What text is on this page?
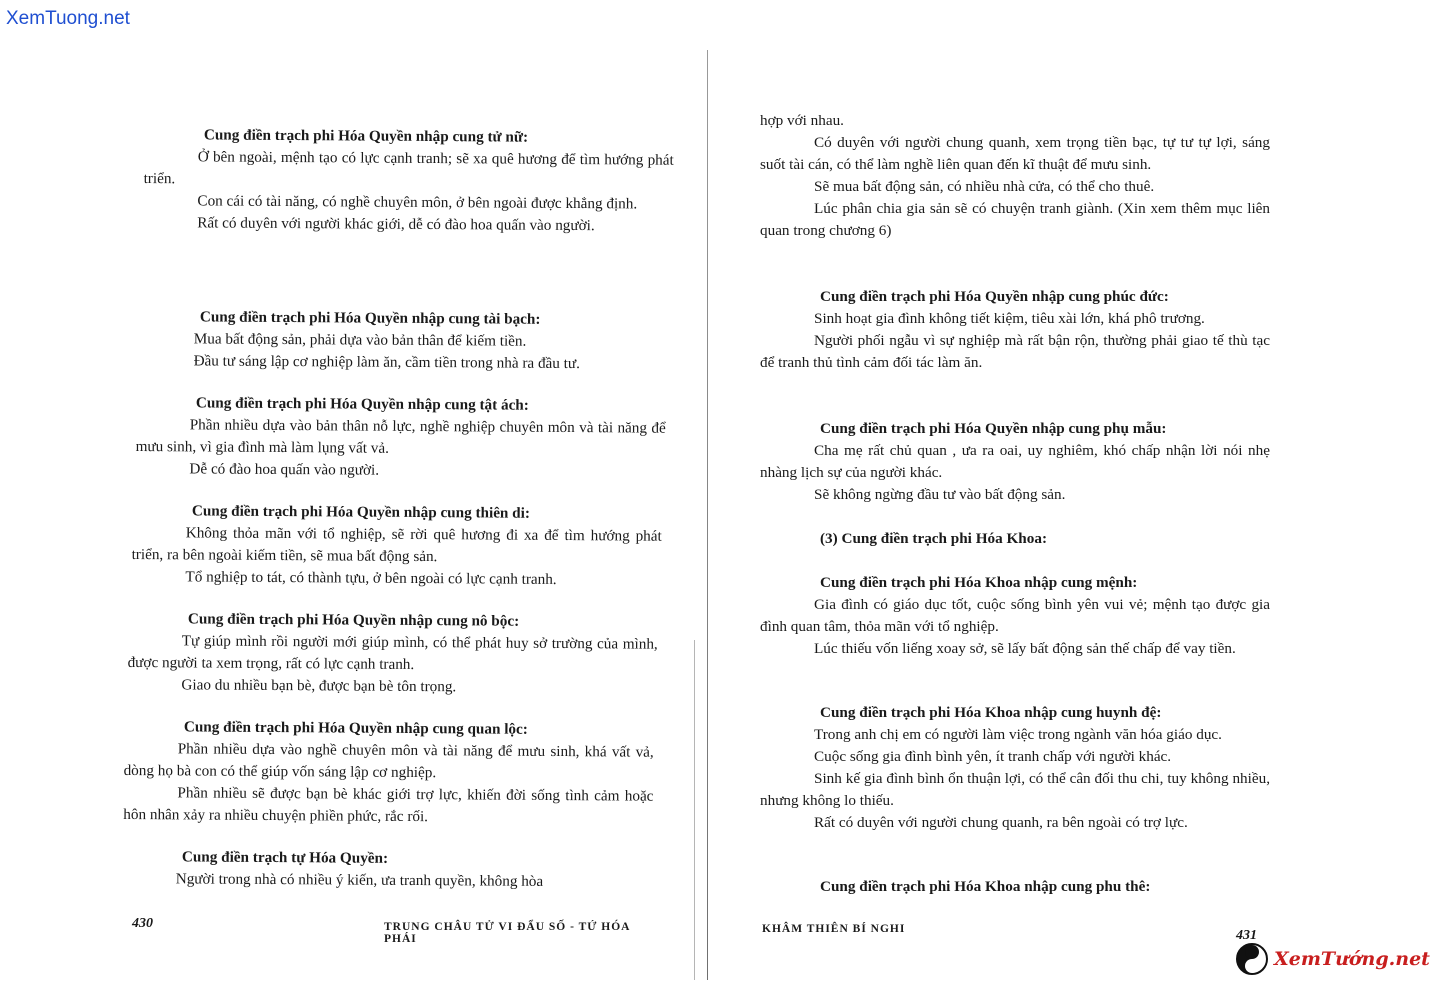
XemTuong.net
Cung điền trạch phi Hóa Quyền nhập cung tử nữ:

Ở bên ngoài, mệnh tạo có lực cạnh tranh; sẽ xa quê hương để tìm hướng phát triển.

Con cái có tài năng, có nghề chuyên môn, ở bên ngoài được khẳng định.

Rất có duyên với người khác giới, dễ có đào hoa quấn vào người.

Cung điền trạch phi Hóa Quyền nhập cung tài bạch:

Mua bất động sản, phải dựa vào bản thân để kiếm tiền.

Đầu tư sáng lập cơ nghiệp làm ăn, cầm tiền trong nhà ra đầu tư.

Cung điền trạch phi Hóa Quyền nhập cung tật ách:

Phần nhiều dựa vào bản thân nỗ lực, nghề nghiệp chuyên môn và tài năng để mưu sinh, vì gia đình mà làm lụng vất vả.

Dễ có đào hoa quấn vào người.

Cung điền trạch phi Hóa Quyền nhập cung thiên di:

Không thỏa mãn với tổ nghiệp, sẽ rời quê hương đi xa để tìm hướng phát triển, ra bên ngoài kiếm tiền, sẽ mua bất động sản.

Tổ nghiệp to tát, có thành tựu, ở bên ngoài có lực cạnh tranh.

Cung điền trạch phi Hóa Quyền nhập cung nô bộc:

Tự giúp mình rồi người mới giúp mình, có thể phát huy sở trường của mình, được người ta xem trọng, rất có lực cạnh tranh.

Giao du nhiều bạn bè, được bạn bè tôn trọng.

Cung điền trạch phi Hóa Quyền nhập cung quan lộc:

Phần nhiều dựa vào nghề chuyên môn và tài năng để mưu sinh, khá vất vả, dòng họ bà con có thể giúp vốn sáng lập cơ nghiệp.

Phần nhiều sẽ được bạn bè khác giới trợ lực, khiến đời sống tình cảm hoặc hôn nhân xảy ra nhiều chuyện phiền phức, rắc rối.

Cung điền trạch tự Hóa Quyền:

Người trong nhà có nhiều ý kiến, ưa tranh quyền, không hòa

430	TRUNG CHÂU TỬ VI ĐẨU SỐ - TỨ HÓA PHÁI

hợp với nhau.

Có duyên với người chung quanh, xem trọng tiền bạc, tự tư tự lợi, sáng suốt tài cán, có thể làm nghề liên quan đến kĩ thuật để mưu sinh.

Sẽ mua bất động sản, có nhiều nhà cửa, có thể cho thuê.

Lúc phân chia gia sản sẽ có chuyện tranh giành. (Xin xem thêm mục liên quan trong chương 6)

Cung điền trạch phi Hóa Quyền nhập cung phúc đức:

Sinh hoạt gia đình không tiết kiệm, tiêu xài lớn, khá phô trương.

Người phối ngẫu vì sự nghiệp mà rất bận rộn, thường phải giao tế thù tạc để tranh thủ tình cảm đối tác làm ăn.

Cung điền trạch phi Hóa Quyền nhập cung phụ mẫu:

Cha mẹ rất chủ quan , ưa ra oai, uy nghiêm, khó chấp nhận lời nói nhẹ nhàng lịch sự của người khác.

Sẽ không ngừng đầu tư vào bất động sản.

(3) Cung điền trạch phi Hóa Khoa:
Cung điền trạch phi Hóa Khoa nhập cung mệnh:

Gia đình có giáo dục tốt, cuộc sống bình yên vui vẻ; mệnh tạo được gia đình quan tâm, thỏa mãn với tổ nghiệp.

Lúc thiếu vốn liếng xoay sở, sẽ lấy bất động sản thế chấp để vay tiền.

Cung điền trạch phi Hóa Khoa nhập cung huynh đệ:

Trong anh chị em có người làm việc trong ngành văn hóa giáo dục.

Cuộc sống gia đình bình yên, ít tranh chấp với người khác.

Sinh kế gia đình bình ổn thuận lợi, có thể cân đối thu chi, tuy không nhiều, nhưng không lo thiếu.

Rất có duyên với người chung quanh, ra bên ngoài có trợ lực.

Cung điền trạch phi Hóa Khoa nhập cung phu thê:
KHÂM THIÊN BÍ NGHI	431
XemTướng.net
